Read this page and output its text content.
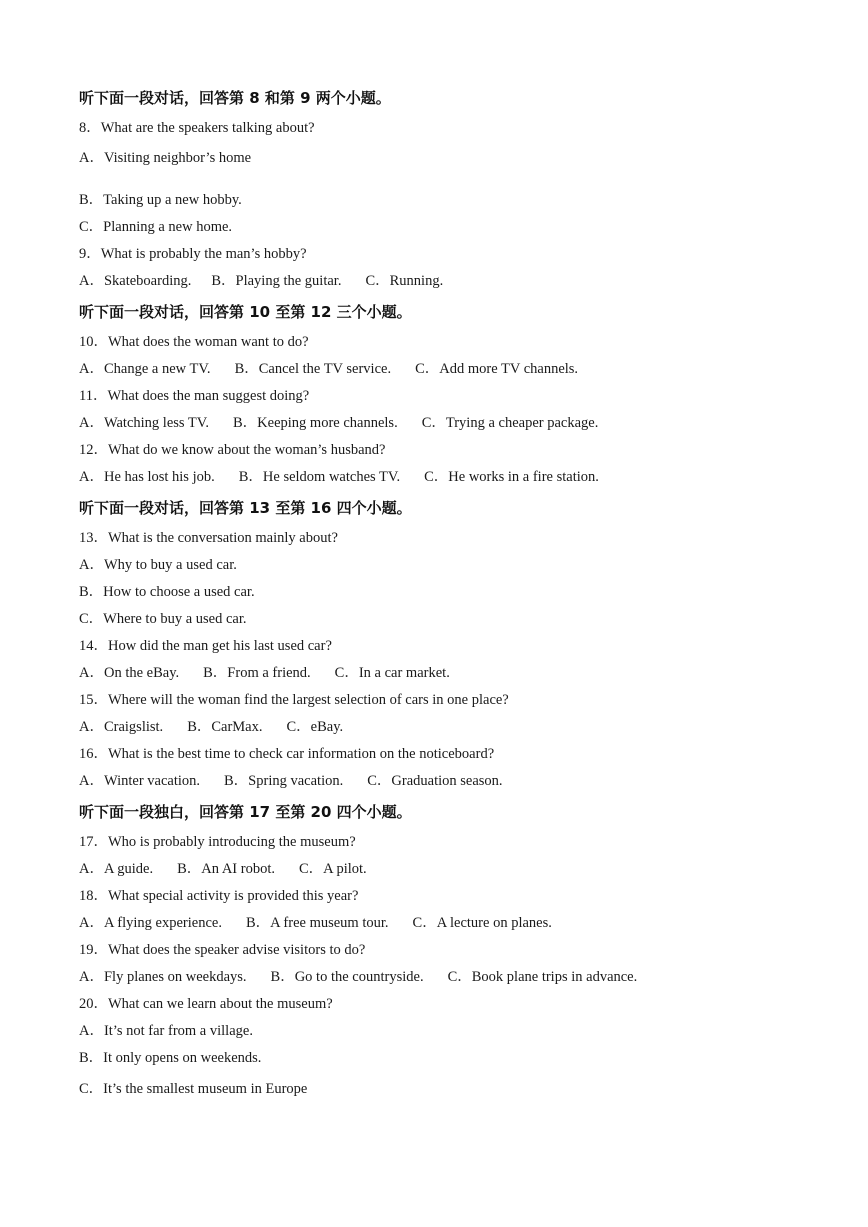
听下面一段对话，回答第 8 和第 9 两个小题。
8．What are the speakers talking about?
A．Visiting neighbor’s home
B．Taking up a new hobby.
C．Planning a new home.
9．What is probably the man’s hobby?
A．Skateboarding. B．Playing the guitar. C．Running.
听下面一段对话，回答第 10 至第 12 三个小题。
10．What does the woman want to do?
A．Change a new TV. B．Cancel the TV service. C．Add more TV channels.
11．What does the man suggest doing?
A．Watching less TV. B．Keeping more channels. C．Trying a cheaper package.
12．What do we know about the woman’s husband?
A．He has lost his job. B．He seldom watches TV. C．He works in a fire station.
听下面一段对话，回答第 13 至第 16 四个小题。
13．What is the conversation mainly about?
A．Why to buy a used car.
B．How to choose a used car.
C．Where to buy a used car.
14．How did the man get his last used car?
A．On the eBay. B．From a friend. C．In a car market.
15．Where will the woman find the largest selection of cars in one place?
A．Craigslist. B．CarMax. C．eBay.
16．What is the best time to check car information on the noticeboard?
A．Winter vacation. B．Spring vacation. C．Graduation season.
听下面一段独白，回答第 17 至第 20 四个小题。
17．Who is probably introducing the museum?
A．A guide. B．An AI robot. C．A pilot.
18．What special activity is provided this year?
A．A flying experience. B．A free museum tour. C．A lecture on planes.
19．What does the speaker advise visitors to do?
A．Fly planes on weekdays. B．Go to the countryside. C．Book plane trips in advance.
20．What can we learn about the museum?
A．It’s not far from a village.
B．It only opens on weekends.
C．It’s the smallest museum in Europe
